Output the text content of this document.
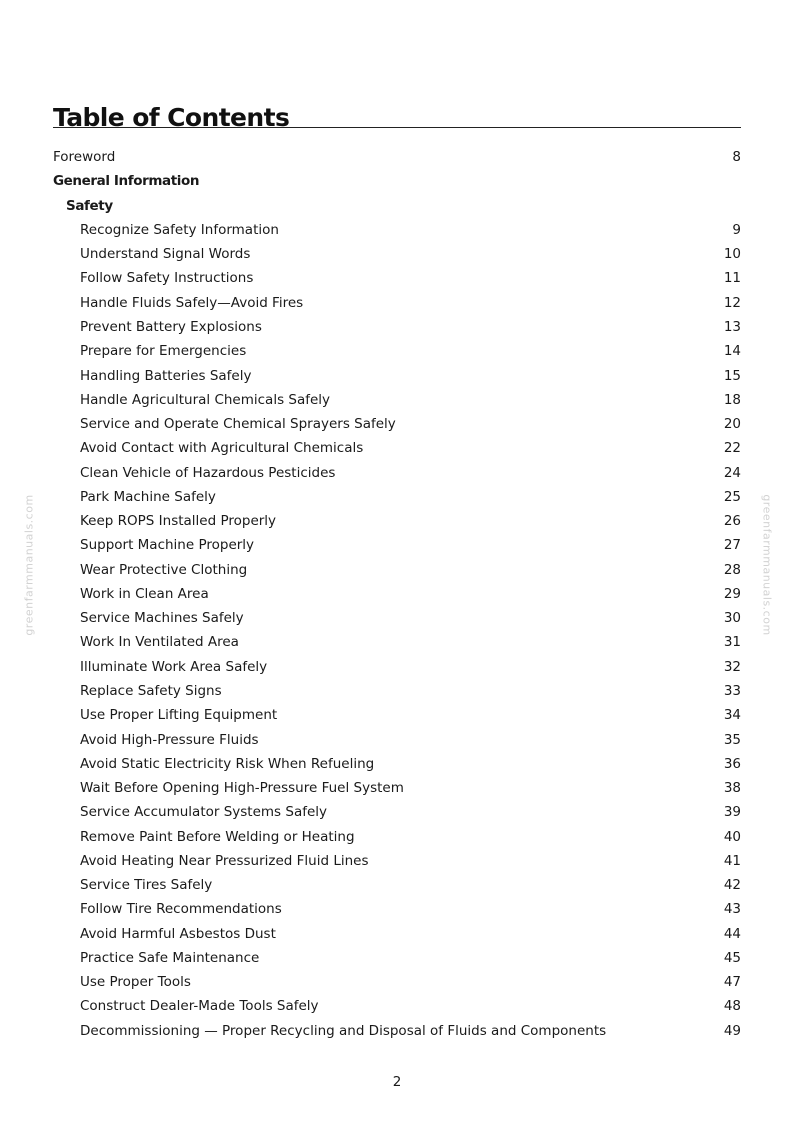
Table of Contents
Foreword	8
General Information
Safety
Recognize Safety Information	9
Understand Signal Words	10
Follow Safety Instructions	11
Handle Fluids Safely—Avoid Fires	12
Prevent Battery Explosions	13
Prepare for Emergencies	14
Handling Batteries Safely	15
Handle Agricultural Chemicals Safely	18
Service and Operate Chemical Sprayers Safely	20
Avoid Contact with Agricultural Chemicals	22
Clean Vehicle of Hazardous Pesticides	24
Park Machine Safely	25
Keep ROPS Installed Properly	26
Support Machine Properly	27
Wear Protective Clothing	28
Work in Clean Area	29
Service Machines Safely	30
Work In Ventilated Area	31
Illuminate Work Area Safely	32
Replace Safety Signs	33
Use Proper Lifting Equipment	34
Avoid High-Pressure Fluids	35
Avoid Static Electricity Risk When Refueling	36
Wait Before Opening High-Pressure Fuel System	38
Service Accumulator Systems Safely	39
Remove Paint Before Welding or Heating	40
Avoid Heating Near Pressurized Fluid Lines	41
Service Tires Safely	42
Follow Tire Recommendations	43
Avoid Harmful Asbestos Dust	44
Practice Safe Maintenance	45
Use Proper Tools	47
Construct Dealer-Made Tools Safely	48
Decommissioning — Proper Recycling and Disposal of Fluids and Components	49
greenfarmmanuals.com	greenfarmmanuals.com
2
